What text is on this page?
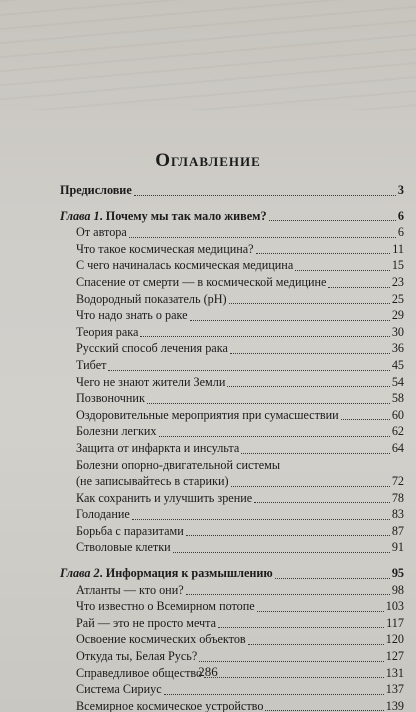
Оглавление
Предисловие	3
Глава 1. Почему мы так мало живем?	6
От автора	6
Что такое космическая медицина?	11
С чего начиналась космическая медицина	15
Спасение от смерти — в космической медицине	23
Водородный показатель (pH)	25
Что надо знать о раке	29
Теория рака	30
Русский способ лечения рака	36
Тибет	45
Чего не знают жители Земли	54
Позвоночник	58
Оздоровительные мероприятия при сумасшествии	60
Болезни легких	62
Защита от инфаркта и инсульта	64
Болезни опорно-двигательной системы
(не записывайтесь в старики)	72
Как сохранить и улучшить зрение	78
Голодание	83
Борьба с паразитами	87
Стволовые клетки	91
Глава 2. Информация к размышлению	95
Атланты — кто они?	98
Что известно о Всемирном потопе	103
Рай — это не просто мечта	117
Освоение космических объектов	120
Откуда ты, Белая Русь?	127
Справедливое общество	131
Система Сириус	137
Всемирное космическое устройство	139
286
